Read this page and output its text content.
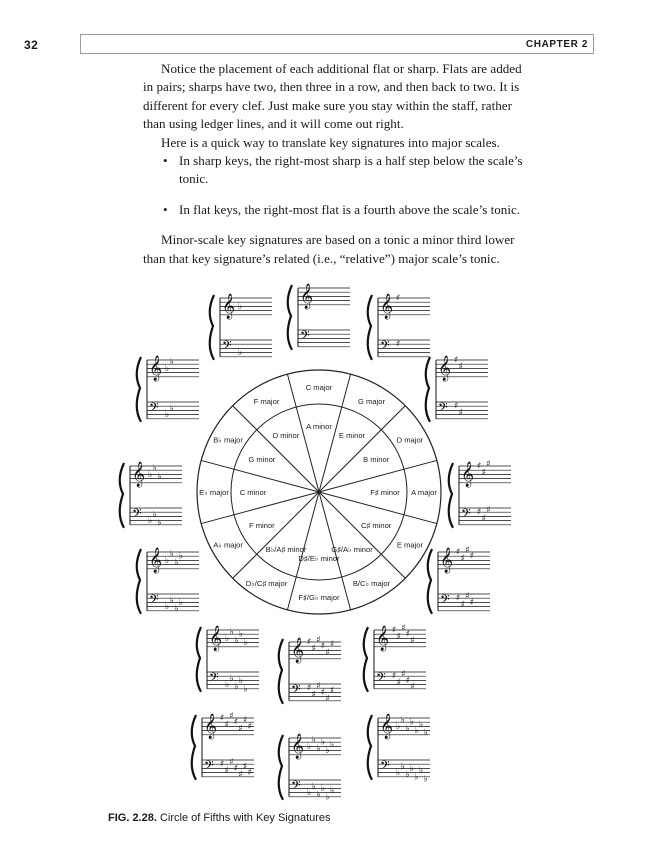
32	CHAPTER 2

Notice the placement of each additional flat or sharp. Flats are added in pairs; sharps have two, then three in a row, and then back to two. It is different for every clef. Just make sure you stay within the staff, rather than using ledger lines, and it will come out right.

Here is a quick way to translate key signatures into major scales.

• In sharp keys, the right-most sharp is a half step below the scale’s tonic.
• In flat keys, the right-most flat is a fourth above the scale’s tonic.

Minor-scale key signatures are based on a tonic a minor third lower than that key signature’s related (i.e., “relative”) major scale’s tonic.

C major
G major
D major
A major
E major
B/C♭ major
F♯/G♭ major
D♭/C♯ major
A♭ major
E♭ major
B♭ major
F major
A minor
E minor
B minor
F♯ minor
C♯ minor
G♯/A♭ minor
D♯/E♭ minor
B♭/A♯ minor
F minor
C minor
G minor
D minor
𝄞 ♭
𝄢 ♭
𝄞
𝄢
𝄞 ♯
𝄢 ♯
𝄞 ♭
♭
𝄢 ♭
♭
𝄞 ♯
♯
𝄢 ♯
♯
𝄞 ♭
♭
♭
𝄢 ♭
♭
♭
𝄞 ♯
♯
♯
𝄢 ♯
♯
♯
𝄞 ♭
♭
♭
♭
𝄢 ♭
♭
♭
♭
𝄞 ♯
♯
♯
♯
𝄢 ♯
♯
♯
♯
𝄞 ♭
♭
♭
♭
♭
𝄢 ♭
♭
♭
♭
♭
𝄞 ♯
♯
♯
♯
♯
♯
𝄢 ♯
♯
♯
♯
♯
♯
𝄞 ♯
♯
♯
♯
♯
𝄢 ♯
♯
♯
♯
♯
𝄞 ♯
♯
♯
♯
♯
♯
♯
𝄢 ♯
♯
♯
♯
♯
♯
♯
𝄞 ♭
♭
♭
♭
♭
♭
𝄢 ♭
♭
♭
♭
♭
♭
𝄞 ♭
♭
♭
♭
♭
♭
♭
𝄢 ♭
♭
♭
♭
♭
♭
♭
FIG. 2.28. Circle of Fifths with Key Signatures
